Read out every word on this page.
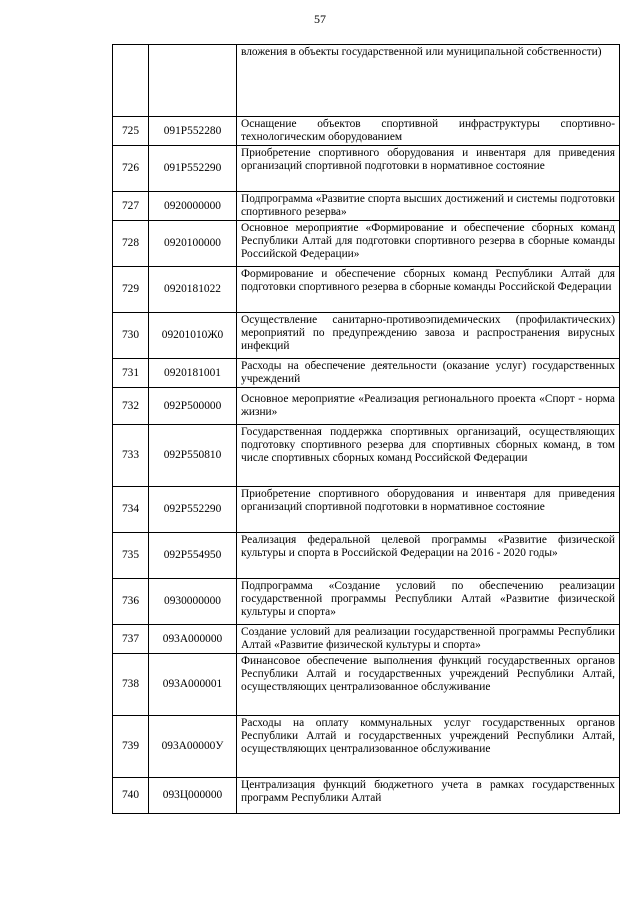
57
		вложения в объекты государственной или муниципальной собственности)
725	091P552280	Оснащение объектов спортивной инфраструктуры спортивно-технологическим оборудованием
726	091P552290	Приобретение спортивного оборудования и инвентаря для приведения организаций спортивной подготовки в нормативное состояние
727	0920000000	Подпрограмма «Развитие спорта высших достижений и системы подготовки спортивного резерва»
728	0920100000	Основное мероприятие «Формирование и обеспечение сборных команд Республики Алтай для подготовки спортивного резерва в сборные команды Российской Федерации»
729	0920181022	Формирование и обеспечение сборных команд Республики Алтай для подготовки спортивного резерва в сборные команды Российской Федерации
730	09201010Ж0	Осуществление санитарно-противоэпидемических (профилактических) мероприятий по предупреждению завоза и распространения вирусных инфекций
731	0920181001	Расходы на обеспечение деятельности (оказание услуг) государственных учреждений
732	092P500000	Основное мероприятие «Реализация регионального проекта «Спорт - норма жизни»
733	092P550810	Государственная поддержка спортивных организаций, осуществляющих подготовку спортивного резерва для спортивных сборных команд, в том числе спортивных сборных команд Российской Федерации
734	092P552290	Приобретение спортивного оборудования и инвентаря для приведения организаций спортивной подготовки в нормативное состояние
735	092P554950	Реализация федеральной целевой программы «Развитие физической культуры и спорта в Российской Федерации на 2016 - 2020 годы»
736	0930000000	Подпрограмма «Создание условий по обеспечению реализации государственной программы Республики Алтай «Развитие физической культуры и спорта»
737	093A000000	Создание условий для реализации государственной программы Республики Алтай «Развитие физической культуры и спорта»
738	093A000001	Финансовое обеспечение выполнения функций государственных органов Республики Алтай и государственных учреждений Республики Алтай, осуществляющих централизованное обслуживание
739	093A00000У	Расходы на оплату коммунальных услуг государственных органов Республики Алтай и государственных учреждений Республики Алтай, осуществляющих централизованное обслуживание
740	093Ц000000	Централизация функций бюджетного учета в рамках государственных программ Республики Алтай
